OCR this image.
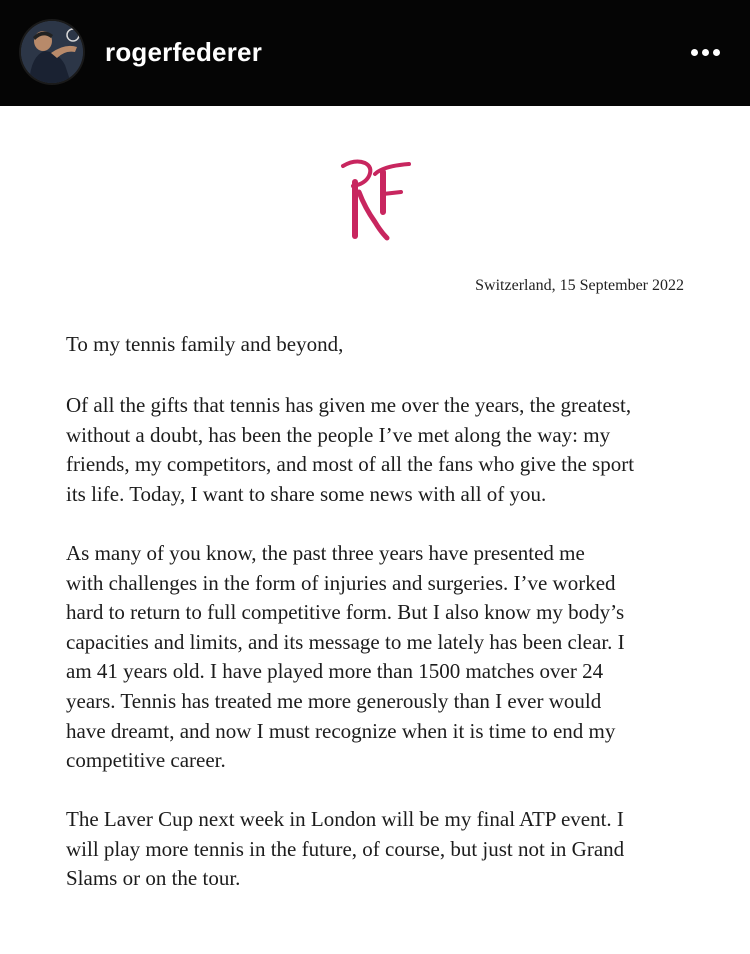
rogerfederer
Switzerland, 15 September 2022

To my tennis family and beyond,

Of all the gifts that tennis has given me over the years, the greatest,
without a doubt, has been the people I’ve met along the way: my
friends, my competitors, and most of all the fans who give the sport
its life. Today, I want to share some news with all of you.

As many of you know, the past three years have presented me
with challenges in the form of injuries and surgeries. I’ve worked
hard to return to full competitive form. But I also know my body’s
capacities and limits, and its message to me lately has been clear. I
am 41 years old. I have played more than 1500 matches over 24
years. Tennis has treated me more generously than I ever would
have dreamt, and now I must recognize when it is time to end my
competitive career.

The Laver Cup next week in London will be my final ATP event. I
will play more tennis in the future, of course, but just not in Grand
Slams or on the tour.
